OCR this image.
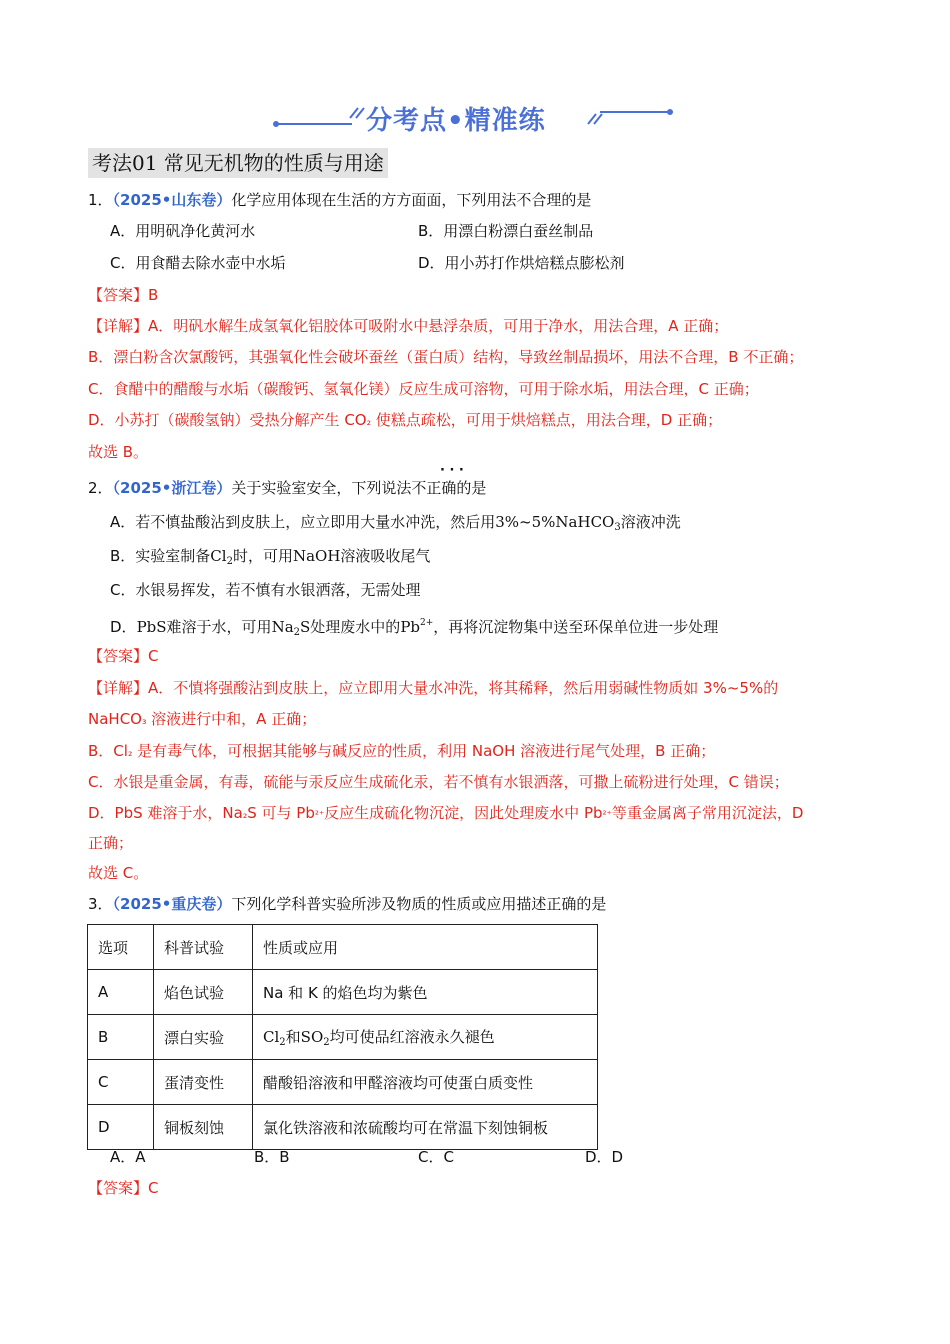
分考点•精准练
考法01 常见无机物的性质与用途
1．（2025•山东卷）化学应用体现在生活的方方面面，下列用法不合理的是
A．用明矾净化黄河水	B．用漂白粉漂白蚕丝制品
C．用食醋去除水壶中水垢	D．用小苏打作烘焙糕点膨松剂
【答案】B
【详解】A．明矾水解生成氢氧化铝胶体可吸附水中悬浮杂质，可用于净水，用法合理，A 正确；
B．漂白粉含次氯酸钙，其强氧化性会破坏蚕丝（蛋白质）结构，导致丝制品损坏，用法不合理，B 不正确；
C．食醋中的醋酸与水垢（碳酸钙、氢氧化镁）反应生成可溶物，可用于除水垢，用法合理，C 正确；
D．小苏打（碳酸氢钠）受热分解产生 CO₂ 使糕点疏松，可用于烘焙糕点，用法合理，D 正确；
故选 B。
· · ·
2．（2025•浙江卷）关于实验室安全，下列说法不正确的是
A．若不慎盐酸沾到皮肤上，应立即用大量水冲洗，然后用3%~5%NaHCO$_3$溶液冲洗
B．实验室制备$Cl_2$时，可用NaOH溶液吸收尾气
C．水银易挥发，若不慎有水银洒落，无需处理
D．PbS难溶于水，可用$Na_2S$处理废水中的$Pb^{2+}$，再将沉淀物集中送至环保单位进一步处理
【答案】C
【详解】A．不慎将强酸沾到皮肤上，应立即用大量水冲洗，将其稀释，然后用弱碱性物质如 3%~5%的
NaHCO₃ 溶液进行中和，A 正确；
B．Cl₂ 是有毒气体，可根据其能够与碱反应的性质，利用 NaOH 溶液进行尾气处理，B 正确；
C．水银是重金属，有毒，硫能与汞反应生成硫化汞，若不慎有水银洒落，可撒上硫粉进行处理，C 错误；
D．PbS 难溶于水，Na₂S 可与 Pb²⁺反应生成硫化物沉淀，因此处理废水中 Pb²⁺等重金属离子常用沉淀法，D
正确；
故选 C。
3．（2025•重庆卷）下列化学科普实验所涉及物质的性质或应用描述正确的是
选项	科普试验	性质或应用
A	焰色试验	Na 和 K 的焰色均为紫色
B	漂白实验	$Cl_2$和$SO_2$均可使品红溶液永久褪色
C	蛋清变性	醋酸铅溶液和甲醛溶液均可使蛋白质变性
D	铜板刻蚀	氯化铁溶液和浓硫酸均可在常温下刻蚀铜板
A．A	B．B	C．C	D．D
【答案】C
